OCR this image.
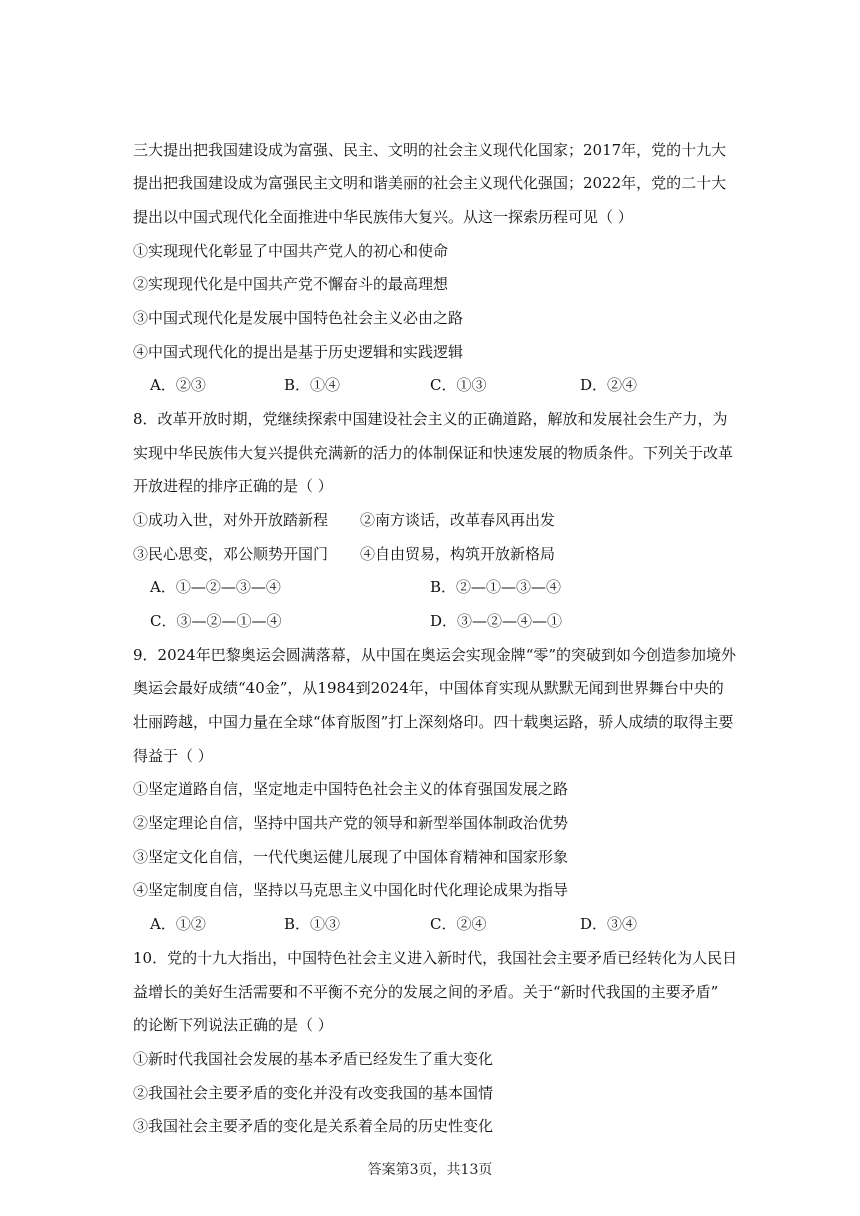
三大提出把我国建设成为富强、民主、文明的社会主义现代化国家；2017年，党的十九大
提出把我国建设成为富强民主文明和谐美丽的社会主义现代化强国；2022年，党的二十大
提出以中国式现代化全面推进中华民族伟大复兴。从这一探索历程可见（ ）
①实现现代化彰显了中国共产党人的初心和使命
②实现现代化是中国共产党不懈奋斗的最高理想
③中国式现代化是发展中国特色社会主义必由之路
④中国式现代化的提出是基于历史逻辑和实践逻辑
A．②③	B．①④	C．①③	D．②④
8．改革开放时期，党继续探索中国建设社会主义的正确道路，解放和发展社会生产力，为
实现中华民族伟大复兴提供充满新的活力的体制保证和快速发展的物质条件。下列关于改革
开放进程的排序正确的是（ ）
①成功入世，对外开放踏新程 ②南方谈话，改革春风再出发
③民心思变，邓公顺势开国门 ④自由贸易，构筑开放新格局
A．①—②—③—④	B．②—①—③—④
C．③—②—①—④	D．③—②—④—①
9．2024年巴黎奥运会圆满落幕，从中国在奥运会实现金牌“零”的突破到如今创造参加境外
奥运会最好成绩“40金”，从1984到2024年，中国体育实现从默默无闻到世界舞台中央的
壮丽跨越，中国力量在全球“体育版图”打上深刻烙印。四十载奥运路，骄人成绩的取得主要
得益于（ ）
①坚定道路自信，坚定地走中国特色社会主义的体育强国发展之路
②坚定理论自信，坚持中国共产党的领导和新型举国体制政治优势
③坚定文化自信，一代代奥运健儿展现了中国体育精神和国家形象
④坚定制度自信，坚持以马克思主义中国化时代化理论成果为指导
A．①②	B．①③	C．②④	D．③④
10．党的十九大指出，中国特色社会主义进入新时代，我国社会主要矛盾已经转化为人民日
益增长的美好生活需要和不平衡不充分的发展之间的矛盾。关于“新时代我国的主要矛盾”
的论断下列说法正确的是（ ）
①新时代我国社会发展的基本矛盾已经发生了重大变化
②我国社会主要矛盾的变化并没有改变我国的基本国情
③我国社会主要矛盾的变化是关系着全局的历史性变化
答案第3页，共13页
